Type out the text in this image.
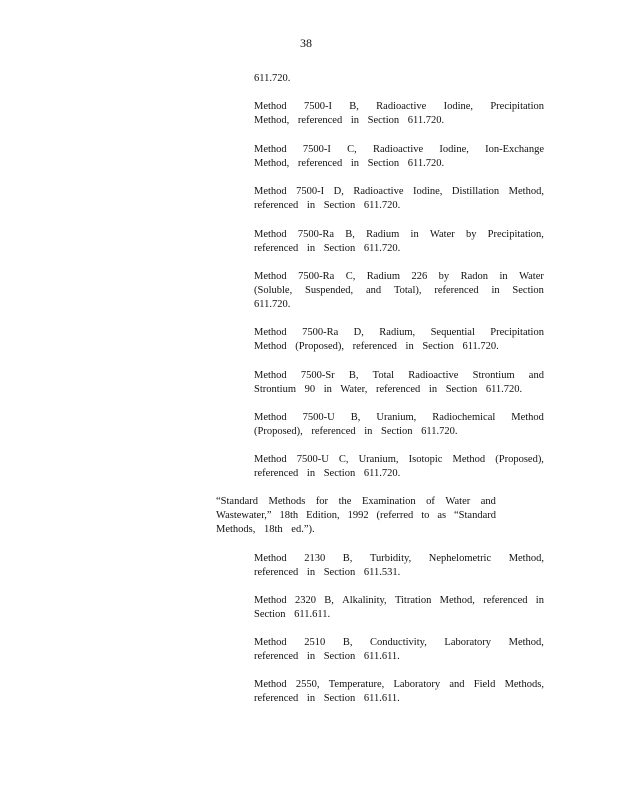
38
611.720.
Method 7500-I B, Radioactive Iodine, Precipitation
Method, referenced in Section 611.720.
Method 7500-I C, Radioactive Iodine, Ion-Exchange
Method, referenced in Section 611.720.
Method 7500-I D, Radioactive Iodine, Distillation Method,
referenced in Section 611.720.
Method 7500-Ra B, Radium in Water by Precipitation,
referenced in Section 611.720.
Method 7500-Ra C, Radium 226 by Radon in Water
(Soluble, Suspended, and Total), referenced in Section
611.720.
Method 7500-Ra D, Radium, Sequential Precipitation
Method (Proposed), referenced in Section 611.720.
Method 7500-Sr B, Total Radioactive Strontium and
Strontium 90 in Water, referenced in Section 611.720.
Method 7500-U B, Uranium, Radiochemical Method
(Proposed), referenced in Section 611.720.
Method 7500-U C, Uranium, Isotopic Method (Proposed),
referenced in Section 611.720.
“Standard Methods for the Examination of Water and
Wastewater,” 18th Edition, 1992 (referred to as “Standard
Methods, 18th ed.”).
Method 2130 B, Turbidity, Nephelometric Method,
referenced in Section 611.531.
Method 2320 B, Alkalinity, Titration Method, referenced in
Section 611.611.
Method 2510 B, Conductivity, Laboratory Method,
referenced in Section 611.611.
Method 2550, Temperature, Laboratory and Field Methods,
referenced in Section 611.611.
